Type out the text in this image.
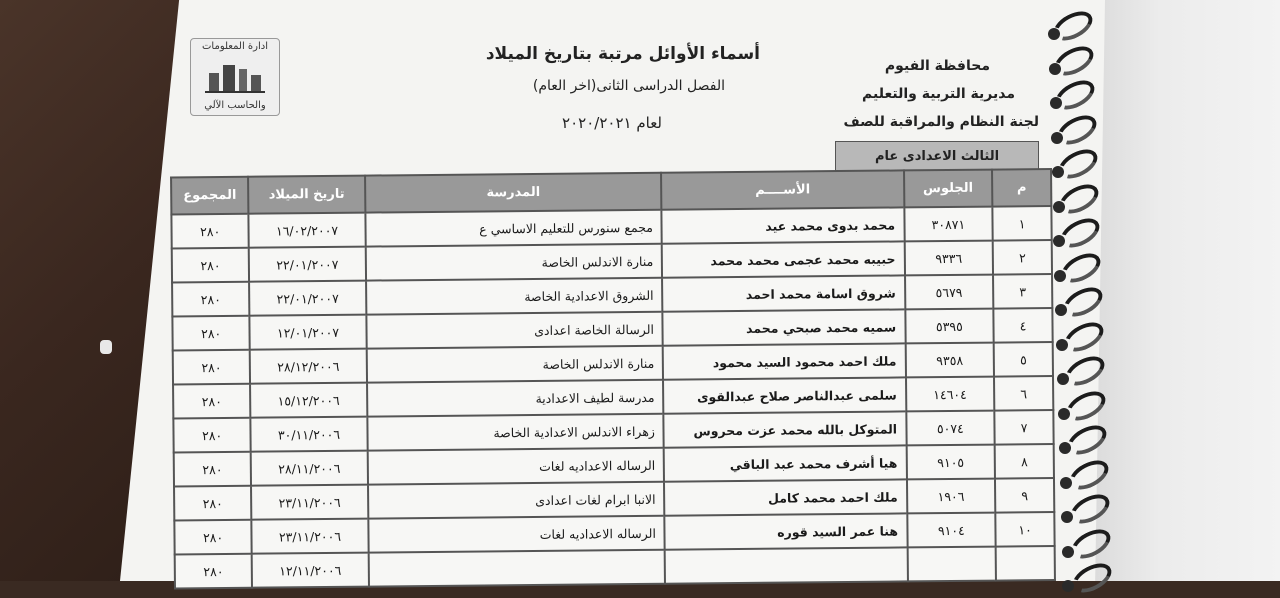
ادارة المعلومات
والحاسب الآلي
أسماء الأوائل مرتبة بتاريخ الميلاد
الفصل الدراسى الثانى(اخر العام)
لعام ٢٠٢٠/٢٠٢١
محافظة الفيوم
مديرية التربية والتعليم
لجنة النظام والمراقبة للصف
الثالث الاعدادى عام
م	الجلوس	الأســــم	المدرسة	تاريخ الميلاد	المجموع
١	٣٠٨٧١	محمد بدوى محمد عيد	مجمع سنورس للتعليم الاساسي ع	١٦/٠٢/٢٠٠٧	٢٨٠
٢	٩٣٣٦	حبيبه محمد عجمى محمد محمد	منارة الاندلس الخاصة	٢٢/٠١/٢٠٠٧	٢٨٠
٣	٥٦٧٩	شروق اسامة محمد احمد	الشروق الاعدادية الخاصة	٢٢/٠١/٢٠٠٧	٢٨٠
٤	٥٣٩٥	سميه محمد صبحي محمد	الرسالة الخاصة اعدادى	١٢/٠١/٢٠٠٧	٢٨٠
٥	٩٣٥٨	ملك احمد محمود السيد محمود	منارة الاندلس الخاصة	٢٨/١٢/٢٠٠٦	٢٨٠
٦	١٤٦٠٤	سلمى عبدالناصر صلاح عبدالقوى	مدرسة لطيف الاعدادية	١٥/١٢/٢٠٠٦	٢٨٠
٧	٥٠٧٤	المتوكل بالله محمد عزت محروس	زهراء الاندلس الاعدادية الخاصة	٣٠/١١/٢٠٠٦	٢٨٠
٨	٩١٠٥	هيا أشرف محمد عبد الباقي	الرساله الاعداديه لغات	٢٨/١١/٢٠٠٦	٢٨٠
٩	١٩٠٦	ملك احمد محمد كامل	الانبا ابرام لغات اعدادى	٢٣/١١/٢٠٠٦	٢٨٠
١٠	٩١٠٤	هنا عمر السيد قوره	الرساله الاعداديه لغات	٢٣/١١/٢٠٠٦	٢٨٠
				١٢/١١/٢٠٠٦	٢٨٠
